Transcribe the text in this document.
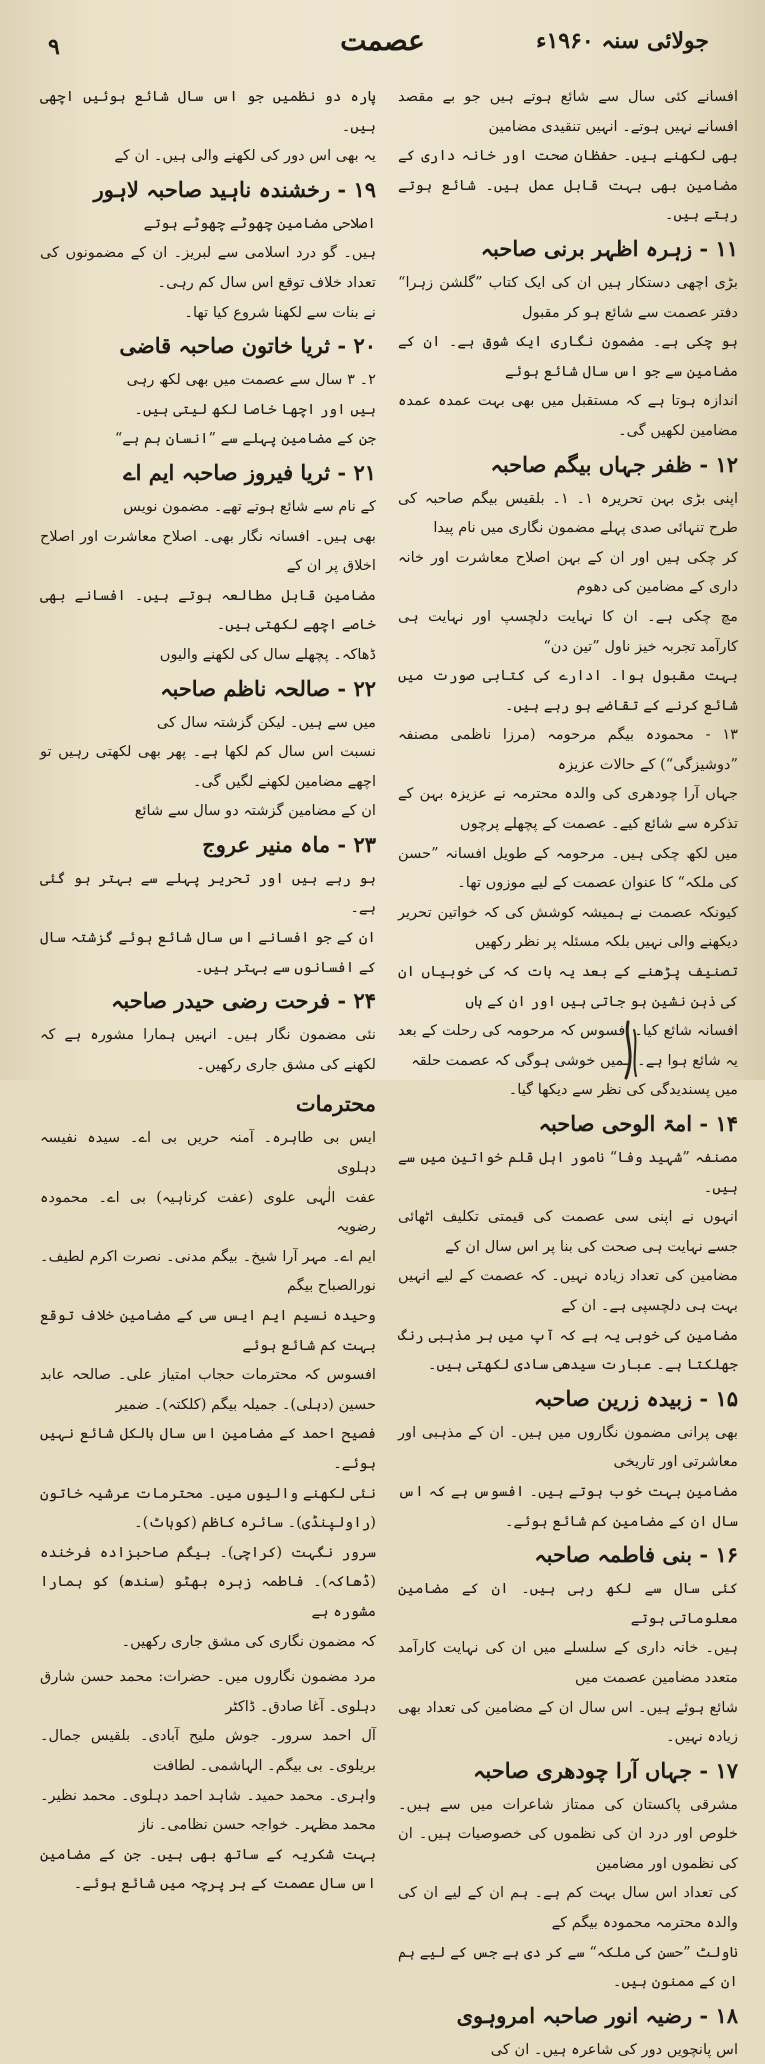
۹	عصمت	جولائی سنہ ۱۹۶۰ء

افسانے کئی سال سے شائع ہوتے ہیں جو بے مقصد افسانے نہیں ہوتے۔ انہیں تنقیدی مضامین

بھی لکھنے ہیں۔ حفظان صحت اور خانہ داری کے مضامین بھی بہت قابل عمل ہیں۔ شائع ہوتے رہتے ہیں۔

۱۱ - زہرہ اظہر برنی صاحبہ

بڑی اچھی دستکار ہیں ان کی ایک کتاب ”گلشن زہرا“ دفتر عصمت سے شائع ہو کر مقبول

ہو چکی ہے۔ مضمون نگاری ایک شوق ہے۔ ان کے مضامین سے جو اس سال شائع ہوئے

اندازہ ہوتا ہے کہ مستقبل میں بھی بہت عمدہ عمدہ مضامین لکھیں گی۔

۱۲ - ظفر جہاں بیگم صاحبہ

اپنی بڑی بہن تحریرہ ۱۔ ۱۔ بلقیس بیگم صاحبہ کی طرح تنہائی صدی پہلے مضمون نگاری میں نام پیدا

کر چکی ہیں اور ان کے بہن اصلاح معاشرت اور خانہ داری کے مضامین کی دھوم

مچ چکی ہے۔ ان کا نہایت دلچسپ اور نہایت ہی کارآمد تجربہ خیز ناول ”تین دن“

بہت مقبول ہوا۔ ادارے کی کتابی صورت میں شائع کرنے کے تقاضے ہو رہے ہیں۔

۱۳ - محمودہ بیگم مرحومہ (مرزا ناظمی مصنفہ ”دوشیزگی“) کے حالات عزیزہ

جہاں آرا چودھری کی والدہ محترمہ نے عزیزہ بہن کے تذکرہ سے شائع کیے۔ عصمت کے پچھلے پرچوں

میں لکھ چکی ہیں۔ مرحومہ کے طویل افسانہ ”حسن کی ملکہ“ کا عنوان عصمت کے لیے موزوں تھا۔

کیونکہ عصمت نے ہمیشہ کوشش کی کہ خواتین تحریر دیکھنے والی نہیں بلکہ مسئلہ پر نظر رکھیں

تصنیف پڑھنے کے بعد یہ بات کہ کی خوبیاں ان کی ذہن نشین ہو جاتی ہیں اور ان کے ہاں

افسانہ شائع کیا۔ افسوس کہ مرحومہ کی رحلت کے بعد یہ شائع ہوا ہے۔ ہمیں خوشی ہوگی کہ عصمت حلقہ

میں پسندیدگی کی نظر سے دیکھا گیا۔

۱۴ - امۃ الوحی صاحبہ

مصنفہ ”شہید وفا“ نامور اہل قلم خواتین میں سے ہیں۔

انہوں نے اپنی سی عصمت کی قیمتی تکلیف اٹھائی جسے نہایت ہی صحت کی بنا پر اس سال ان کے

مضامین کی تعداد زیادہ نہیں۔ کہ عصمت کے لیے انہیں بہت ہی دلچسپی ہے۔ ان کے

مضامین کی خوبی یہ ہے کہ آپ میں ہر مذہبی رنگ جھلکتا ہے۔ عبارت سیدھی سادی لکھتی ہیں۔

۱۵ - زبیدہ زرین صاحبہ

بھی پرانی مضمون نگاروں میں ہیں۔ ان کے مذہبی اور معاشرتی اور تاریخی

مضامین بہت خوب ہوتے ہیں۔ افسوس ہے کہ اس سال ان کے مضامین کم شائع ہوئے۔

۱۶ - بنی فاطمہ صاحبہ

کئی سال سے لکھ رہی ہیں۔ ان کے مضامین معلوماتی ہوتے

ہیں۔ خانہ داری کے سلسلے میں ان کی نہایت کارآمد متعدد مضامین عصمت میں

شائع ہوئے ہیں۔ اس سال ان کے مضامین کی تعداد بھی زیادہ نہیں۔

۱۷ - جہاں آرا چودھری صاحبہ

مشرقی پاکستان کی ممتاز شاعرات میں سے ہیں۔ خلوص اور درد ان کی نظموں کی خصوصیات ہیں۔ ان کی نظموں اور مضامین

کی تعداد اس سال بہت کم ہے۔ ہم ان کے لیے ان کی والدہ محترمہ محمودہ بیگم کے

ناولٹ ”حسن کی ملکہ“ سے کر دی ہے جس کے لیے ہم ان کے ممنون ہیں۔

۱۸ - رضیہ انور صاحبہ امروہوی

اس پانچویں دور کی شاعرہ ہیں۔ ان کی

پارہ دو نظمیں جو اس سال شائع ہوئیں اچھی ہیں۔

یہ بھی اس دور کی لکھنے والی ہیں۔ ان کے

۱۹ - رخشندہ ناہید صاحبہ لاہور

اصلاحی مضامین چھوٹے چھوٹے ہوتے

ہیں۔ گو درد اسلامی سے لبریز۔ ان کے مضمونوں کی تعداد خلاف توقع اس سال کم رہی۔

نے بنات سے لکھنا شروع کیا تھا۔

۲۰ - ثریا خاتون صاحبہ قاضی

۲۔ ۳ سال سے عصمت میں بھی لکھ رہی

ہیں اور اچھا خاصا لکھ لیتی ہیں۔

جن کے مضامین پہلے سے ”انسان ہم ہے“

۲۱ - ثریا فیروز صاحبہ ایم اے

کے نام سے شائع ہوتے تھے۔ مضمون نویس

بھی ہیں۔ افسانہ نگار بھی۔ اصلاح معاشرت اور اصلاح اخلاق پر ان کے

مضامین قابل مطالعہ ہوتے ہیں۔ افسانے بھی خاصے اچھے لکھتی ہیں۔

ڈھاکہ۔ پچھلے سال کی لکھنے والیوں

۲۲ - صالحہ ناظم صاحبہ

میں سے ہیں۔ لیکن گزشتہ سال کی

نسبت اس سال کم لکھا ہے۔ پھر بھی لکھتی رہیں تو اچھے مضامین لکھنے لگیں گی۔

ان کے مضامین گزشتہ دو سال سے شائع

۲۳ - ماہ منیر عروج

ہو رہے ہیں اور تحریر پہلے سے بہتر ہو گئی ہے۔

ان کے جو افسانے اس سال شائع ہوئے گزشتہ سال کے افسانوں سے بہتر ہیں۔

۲۴ - فرحت رضی حیدر صاحبہ

نئی مضمون نگار ہیں۔ انہیں ہمارا مشورہ ہے کہ لکھنے کی مشق جاری رکھیں۔

محترمات

ایس بی طاہرہ۔ آمنہ حریں بی اے۔ سیدہ نفیسہ دہلوی

عفت الٰہی علوی (عفت کرناہیہ) بی اے۔ محمودہ رضویہ

ایم اے۔ مہر آرا شیخ۔ بیگم مدنی۔ نصرت اکرم لطیف۔ نورالصباح بیگم

وحیدہ نسیم ایم ایس سی کے مضامین خلاف توقع بہت کم شائع ہوئے

افسوس کہ محترمات حجاب امتیاز علی۔ صالحہ عابد حسین (دہلی)۔ جمیلہ بیگم (کلکتہ)۔ ضمیر

فصیح احمد کے مضامین اس سال بالکل شائع نہیں ہوئے۔

نئی لکھنے والیوں میں۔ محترمات عرشیہ خاتون (راولپنڈی)۔ سائرہ کاظم (کوہاٹ)۔

سرور نگہت (کراچی)۔ بیگم صاحبزادہ فرخندہ (ڈھاکہ)۔ فاطمہ زہرہ بھٹو (سندھ) کو ہمارا مشورہ ہے

کہ مضمون نگاری کی مشق جاری رکھیں۔

مرد مضمون نگاروں میں۔ حضرات: محمد حسن شارق دہلوی۔ آغا صادق۔ ڈاکٹر

آل احمد سرور۔ جوش ملیح آبادی۔ بلقیس جمال۔ بریلوی۔ بی بیگم۔ الہاشمی۔ لطافت

واہری۔ محمد حمید۔ شاہد احمد دہلوی۔ محمد نظیر۔ محمد مظہر۔ خواجہ حسن نظامی۔ ناز

بہت شکریہ کے ساتھ بھی ہیں۔ جن کے مضامین اس سال عصمت کے ہر پرچہ میں شائع ہوئے۔
